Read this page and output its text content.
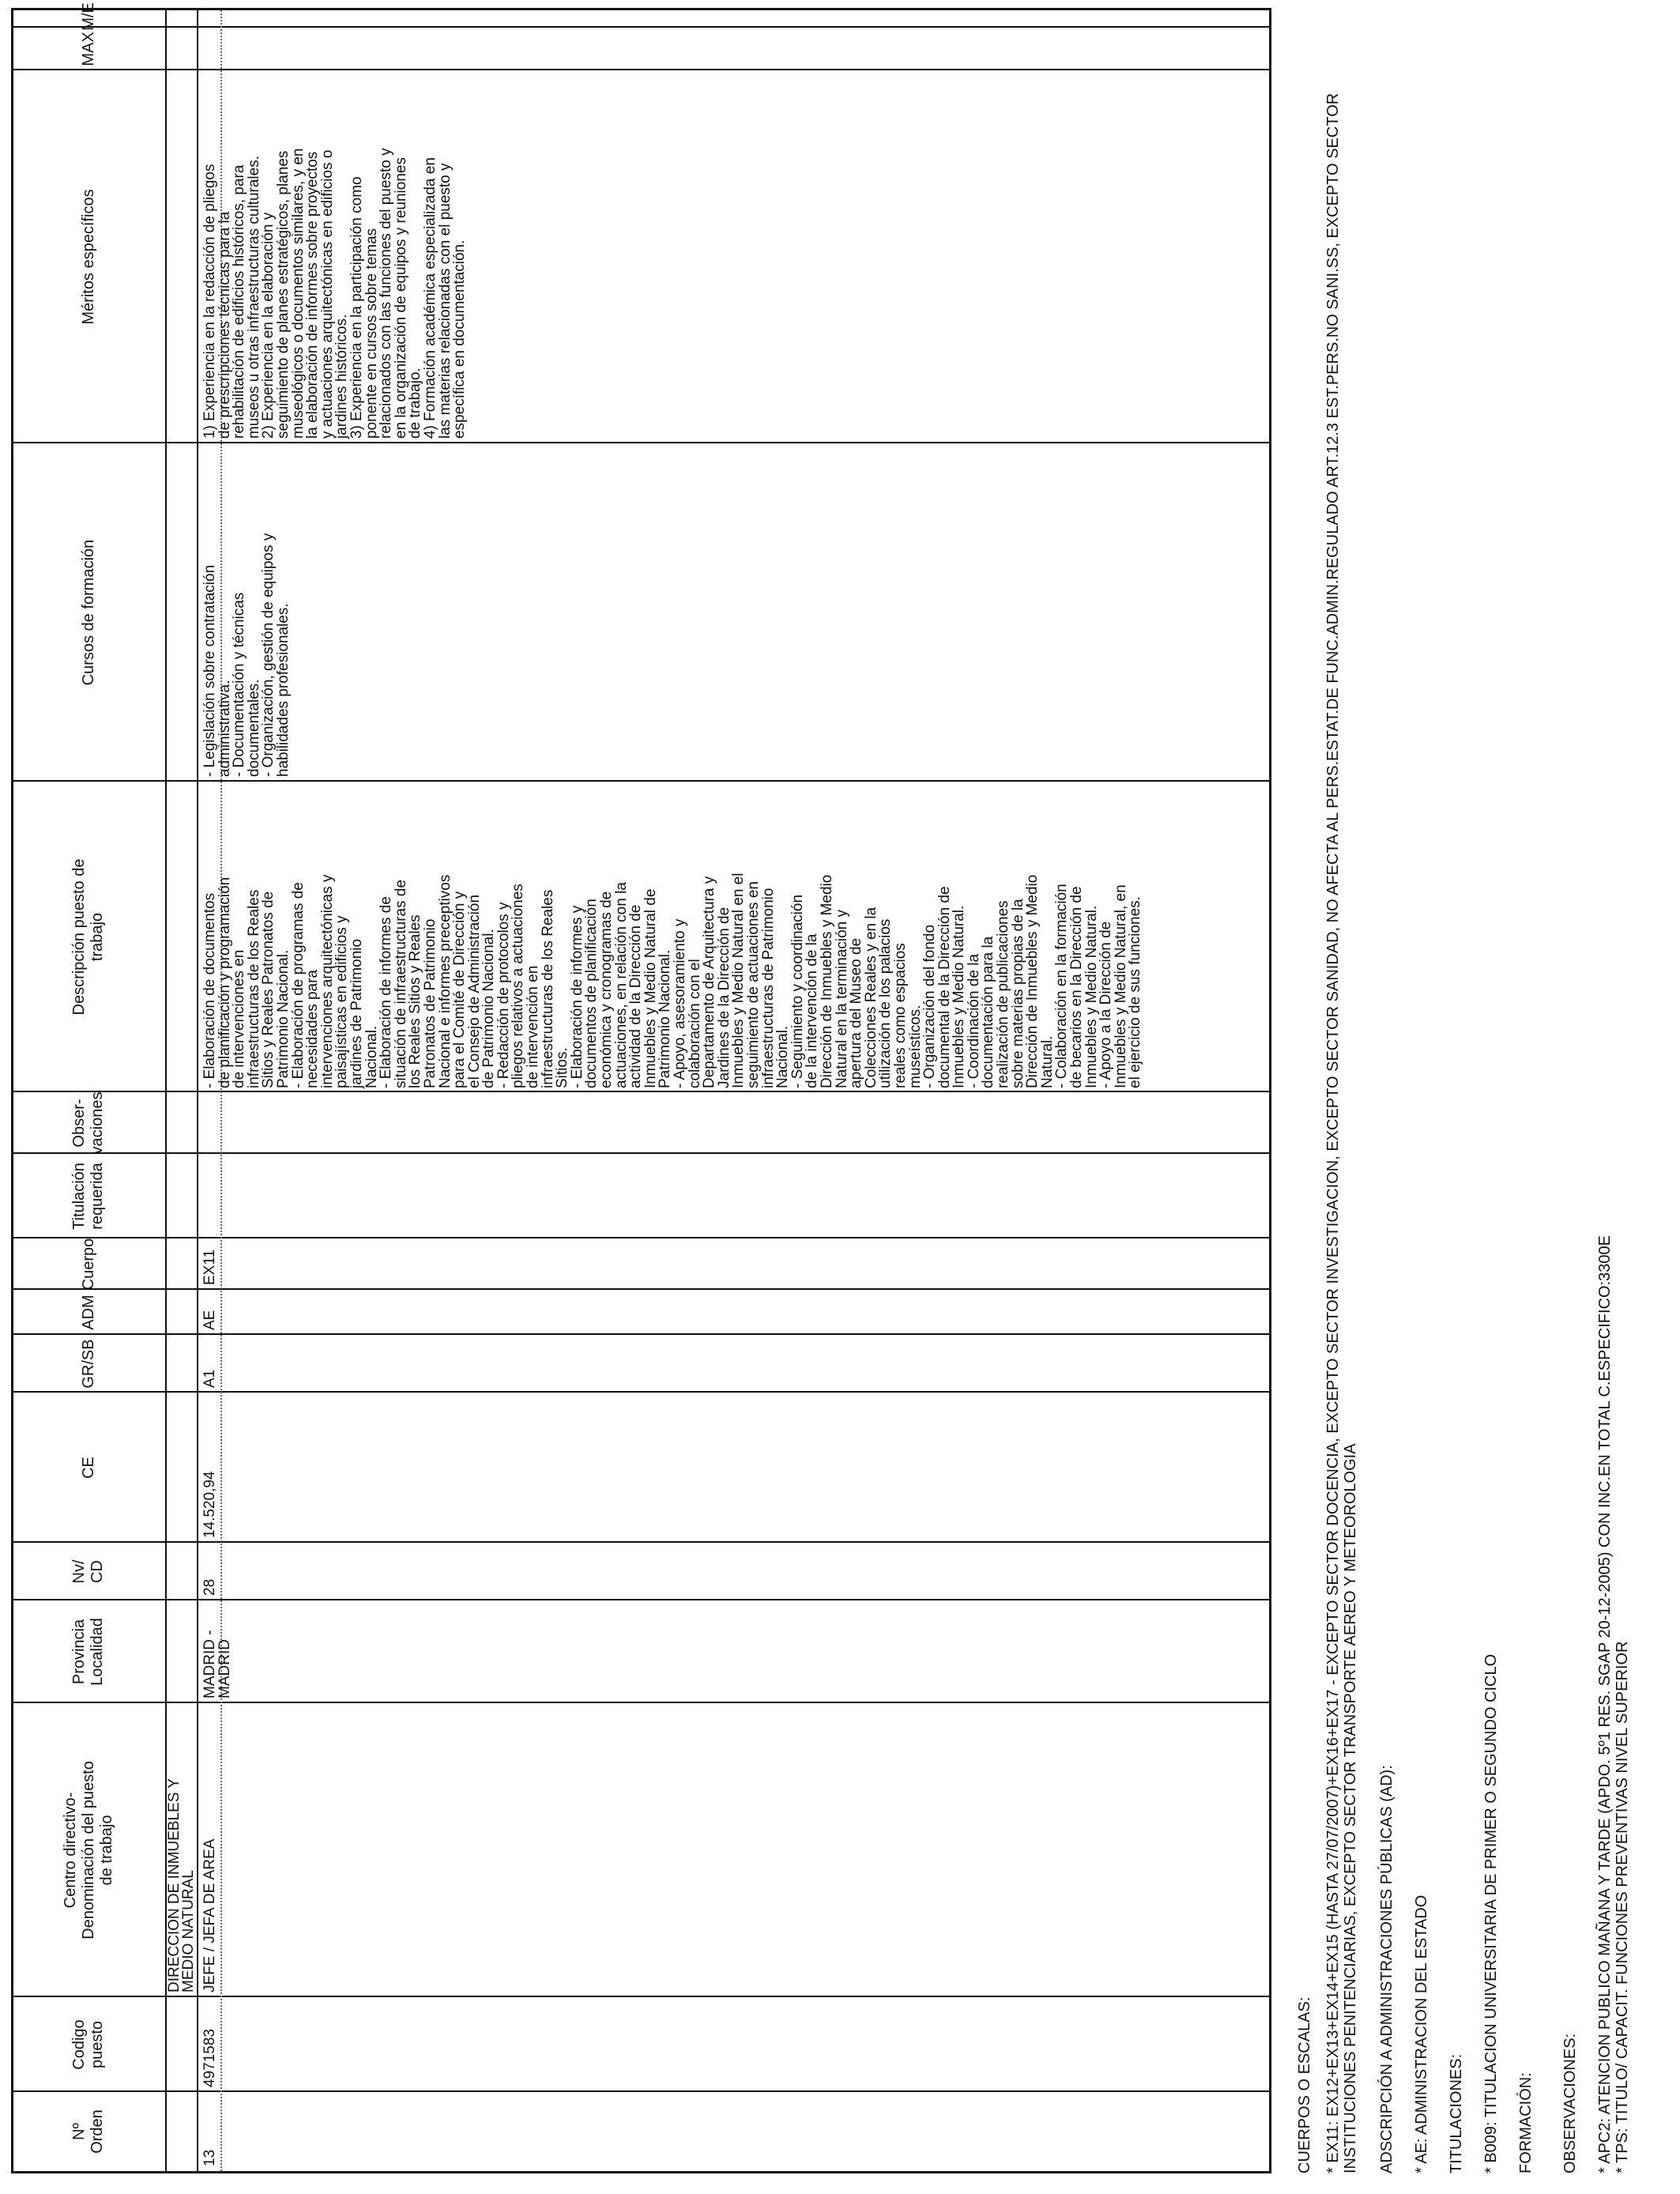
Nº
Orden
Codigo
puesto
Centro directivo-
Denominación del puesto
de trabajo
Provincia
Localidad
Nv/
CD
CE
GR/SB
ADM
Cuerpo
Titulación
requerida
Obser-
vaciones
Descripción puesto de
trabajo
Cursos de formación
Méritos específicos
MAX
M/E
DIRECCION DE INMUEBLES Y
MEDIO NATURAL
13
4971583
JEFE / JEFA DE AREA
MADRID -
MADRID
28
14.520,94
A1
AE
EX11
- Elaboración de documentos
de planificación y programación
de intervenciones en
infraestructuras de los Reales
Sitios y Reales Patronatos de
Patrimonio Nacional.
- Elaboración de programas de
necesidades para
intervenciones arquitectónicas y
paisajísticas en edificios y
jardines de Patrimonio
Nacional.
- Elaboración de informes de
situación de infraestructuras de
los Reales Sitios y Reales
Patronatos de Patrimonio
Nacional e informes preceptivos
para el Comité de Dirección y
el Consejo de Administración
de Patrimonio Nacional.
- Redacción de protocolos y
pliegos relativos a actuaciones
de intervención en
infraestructuras de los Reales
Sitios.
- Elaboración de informes y
documentos de planificación
económica y cronogramas de
actuaciones, en relación con la
actividad de la Dirección de
Inmuebles y Medio Natural de
Patrimonio Nacional.
- Apoyo, asesoramiento y
colaboración con el
Departamento de Arquitectura y
Jardines de la Dirección de
Inmuebles y Medio Natural en el
seguimiento de actuaciones en
infraestructuras de Patrimonio
Nacional.
- Seguimiento y coordinación
de la intervención de la
Dirección de Inmuebles y Medio
Natural en la terminación y
apertura del Museo de
Colecciones Reales y en la
utilización de los palacios
reales como espacios
museísticos.
- Organización del fondo
documental de la Dirección de
Inmuebles y Medio Natural.
- Coordinación de la
documentación para la
realización de publicaciones
sobre materias propias de la
Dirección de Inmuebles y Medio
Natural.
- Colaboración en la formación
de becarios en la Dirección de
Inmuebles y Medio Natural.
- Apoyo a la Dirección de
Inmuebles y Medio Natural, en
el ejercicio de sus funciones.
- Legislación sobre contratación
administrativa.
- Documentación y técnicas
documentales.
- Organización, gestión de equipos y
habilidades profesionales.
1) Experiencia en la redacción de pliegos
de prescripciones técnicas para la
rehabilitación de edificios históricos, para
museos u otras infraestructuras culturales.
2) Experiencia en la elaboración y
seguimiento de planes estratégicos, planes
museológicos o documentos similares, y en
la elaboración de informes sobre proyectos
y actuaciones arquitectónicas en edificios o
jardines históricos.
3) Experiencia en la participación como
ponente en cursos sobre temas
relacionados con las funciones del puesto y
en la organización de equipos y reuniones
de trabajo.
4) Formación académica especializada en
las materias relacionadas con el puesto y
específica en documentación.

CUERPOS O ESCALAS: * EX11: EX12+EX13+EX14+EX15 (HASTA 27/07/2007)+EX16+EX17 - EXCEPTO SECTOR DOCENCIA, EXCEPTO SECTOR INVESTIGACION, EXCEPTO SECTOR SANIDAD, NO AFECTA AL PERS.ESTAT.DE FUNC.ADMIN.REGULADO ART.12.3 EST.PERS.NO SANI.SS, EXCEPTO SECTOR
INSTITUCIONES PENITENCIARIAS, EXCEPTO SECTOR TRANSPORTE AEREO Y METEOROLOGIA

ADSCRIPCIÓN A ADMINISTRACIONES PÚBLICAS (AD): * AE: ADMINISTRACION DEL ESTADO TITULACIONES: * B009: TITULACION UNIVERSITARIA DE PRIMER O SEGUNDO CICLO FORMACIÓN: OBSERVACIONES: * APC2: ATENCION PUBLICO MAÑANA Y TARDE (APDO. 5º1 RES. SGAP 20-12-2005) CON INC.EN TOTAL C.ESPECIFICO:3300E
* TPS: TITULO/ CAPACIT. FUNCIONES PREVENTIVAS NIVEL SUPERIOR
